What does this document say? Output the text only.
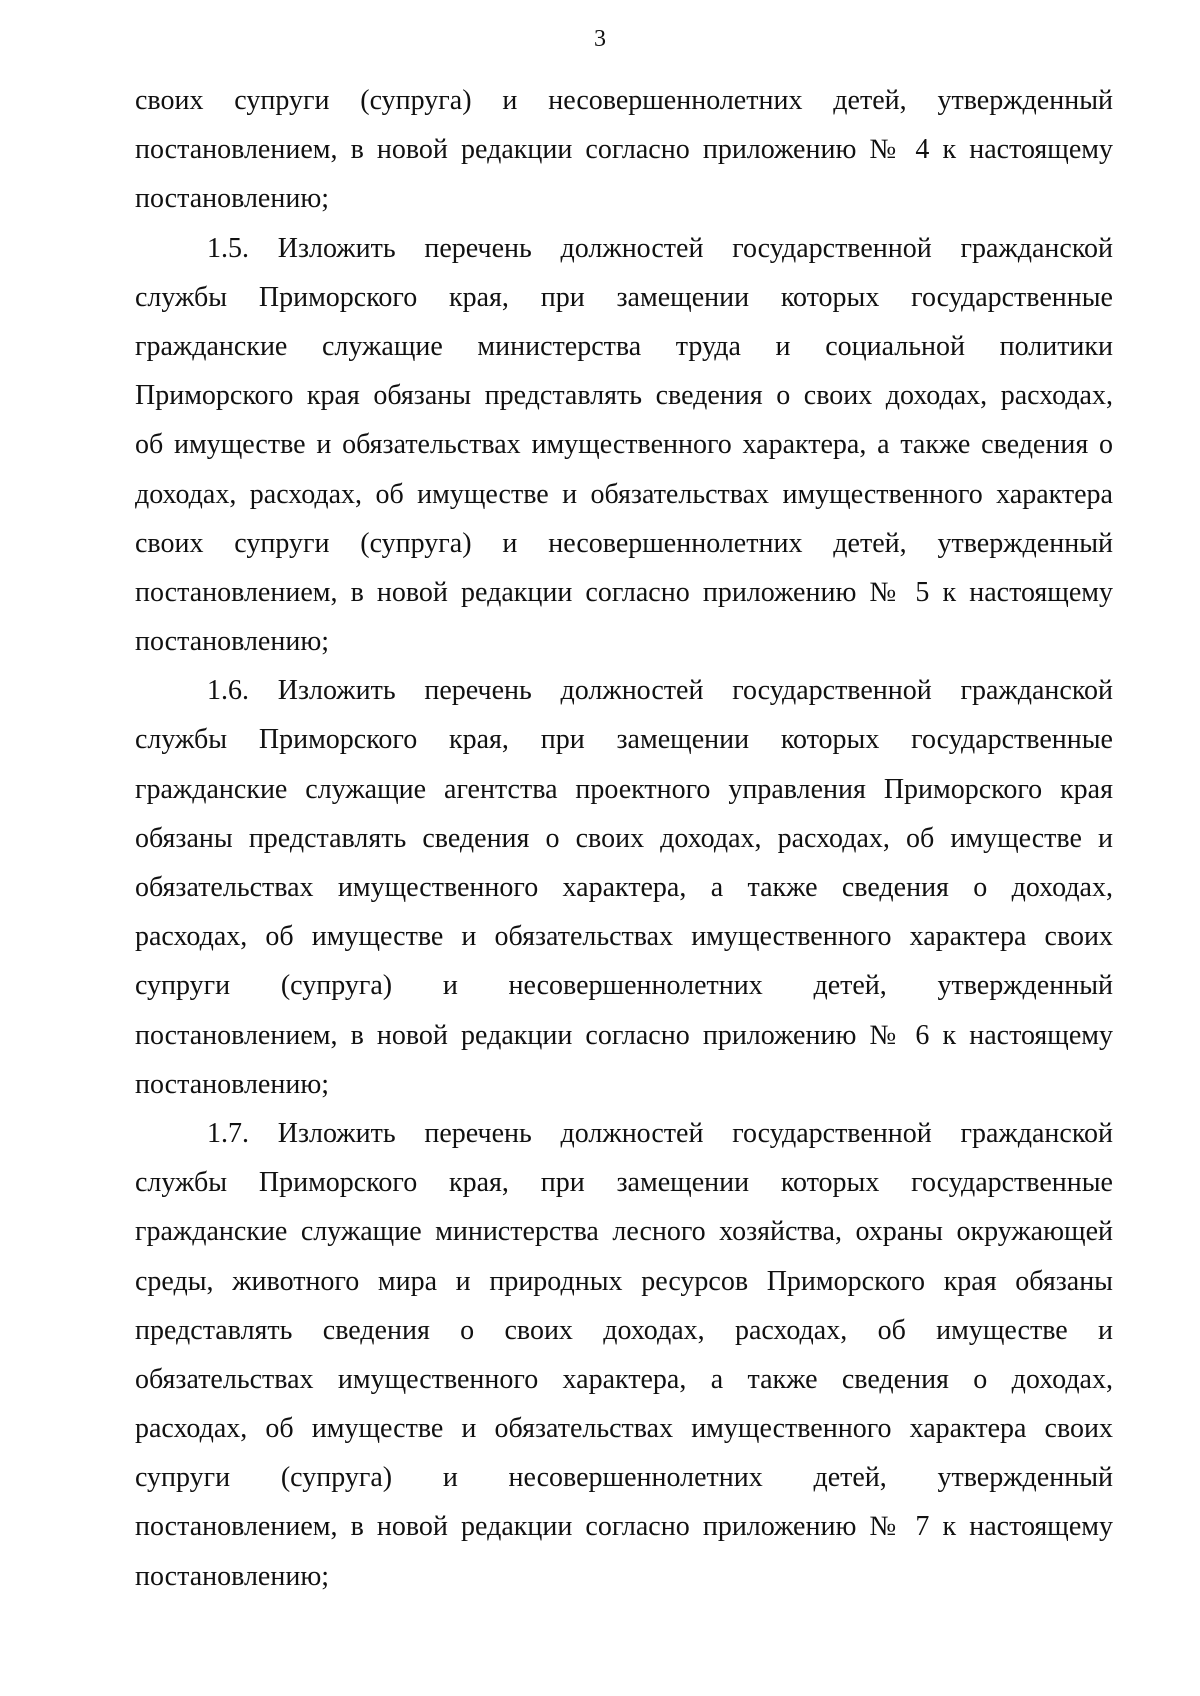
3
своих супруги (супруга) и несовершеннолетних детей, утвержденный
постановлением, в новой редакции согласно приложению № 4 к настоящему
постановлению;
1.5. Изложить перечень должностей государственной гражданской
службы Приморского края, при замещении которых государственные
гражданские служащие министерства труда и социальной политики
Приморского края обязаны представлять сведения о своих доходах, расходах,
об имуществе и обязательствах имущественного характера, а также сведения о
доходах, расходах, об имуществе и обязательствах имущественного характера
своих супруги (супруга) и несовершеннолетних детей, утвержденный
постановлением, в новой редакции согласно приложению № 5 к настоящему
постановлению;
1.6. Изложить перечень должностей государственной гражданской
службы Приморского края, при замещении которых государственные
гражданские служащие агентства проектного управления Приморского края
обязаны представлять сведения о своих доходах, расходах, об имуществе и
обязательствах имущественного характера, а также сведения о доходах,
расходах, об имуществе и обязательствах имущественного характера своих
супруги (супруга) и несовершеннолетних детей, утвержденный
постановлением, в новой редакции согласно приложению № 6 к настоящему
постановлению;
1.7. Изложить перечень должностей государственной гражданской
службы Приморского края, при замещении которых государственные
гражданские служащие министерства лесного хозяйства, охраны окружающей
среды, животного мира и природных ресурсов Приморского края обязаны
представлять сведения о своих доходах, расходах, об имуществе и
обязательствах имущественного характера, а также сведения о доходах,
расходах, об имуществе и обязательствах имущественного характера своих
супруги (супруга) и несовершеннолетних детей, утвержденный
постановлением, в новой редакции согласно приложению № 7 к настоящему
постановлению;
